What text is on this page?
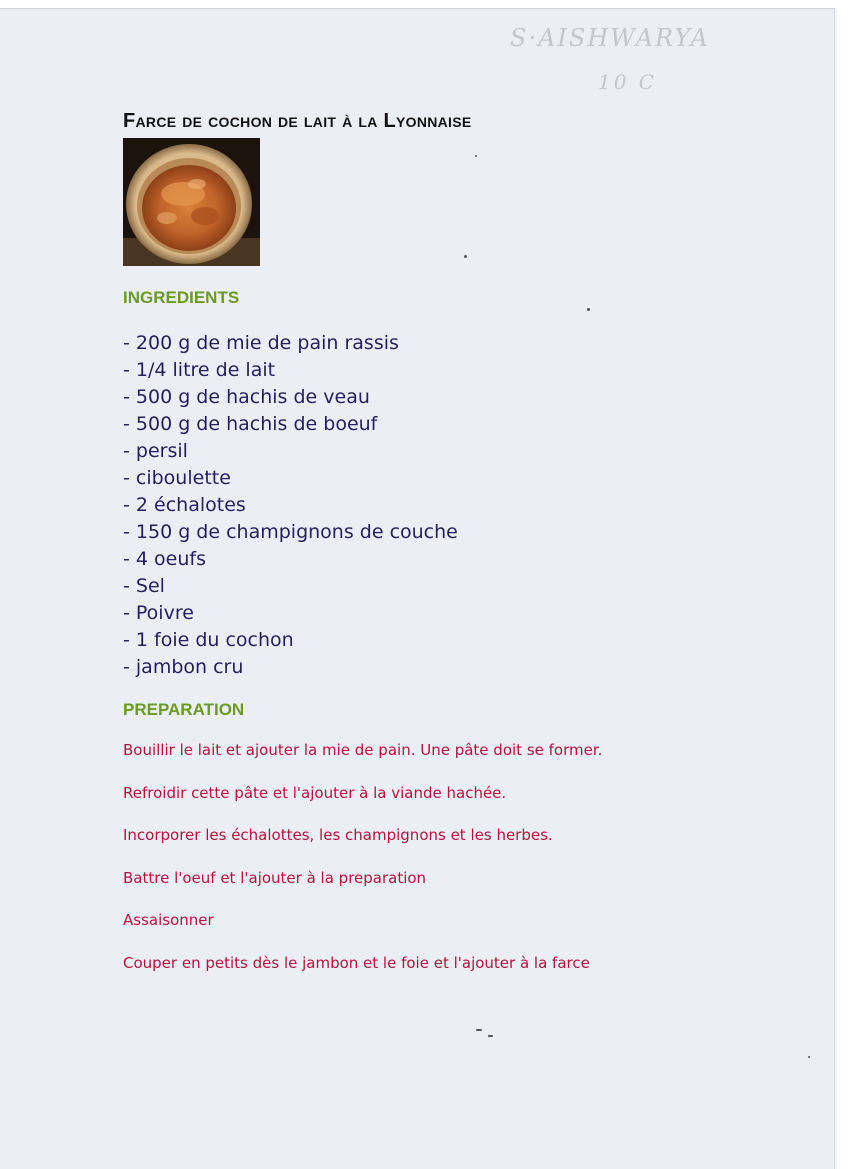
S·AISHWARYA
10 C
Farce de cochon de lait à la Lyonnaise
INGREDIENTS
- 200 g de mie de pain rassis
- 1/4 litre de lait
- 500 g de hachis de veau
- 500 g de hachis de boeuf
- persil
- ciboulette
- 2 échalotes
- 150 g de champignons de couche
- 4 oeufs
- Sel
- Poivre
- 1 foie du cochon
- jambon cru
PREPARATION
Bouillir le lait et ajouter la mie de pain. Une pâte doit se former.
Refroidir cette pâte et l'ajouter à la viande hachée.
Incorporer les échalottes, les champignons et les herbes.
Battre l'oeuf et l'ajouter à la preparation
Assaisonner
Couper en petits dès le jambon et le foie et l'ajouter à la farce
